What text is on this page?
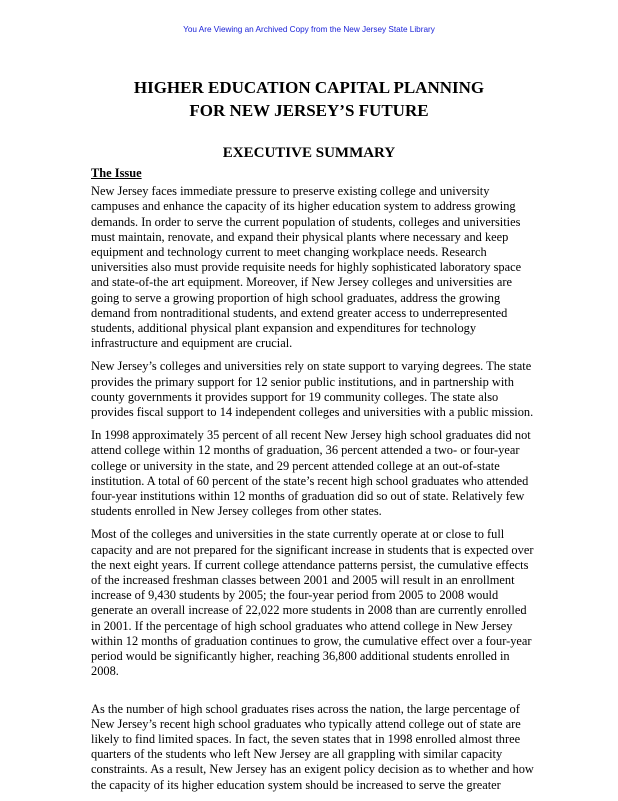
You Are Viewing an Archived Copy from the New Jersey State Library
HIGHER EDUCATION CAPITAL PLANNING
FOR NEW JERSEY’S FUTURE
EXECUTIVE SUMMARY
The Issue
New Jersey faces immediate pressure to preserve existing college and university
campuses and enhance the capacity of its higher education system to address growing
demands. In order to serve the current population of students, colleges and universities
must maintain, renovate, and expand their physical plants where necessary and keep
equipment and technology current to meet changing workplace needs. Research
universities also must provide requisite needs for highly sophisticated laboratory space
and state-of-the art equipment. Moreover, if New Jersey colleges and universities are
going to serve a growing proportion of high school graduates, address the growing
demand from nontraditional students, and extend greater access to underrepresented
students, additional physical plant expansion and expenditures for technology
infrastructure and equipment are crucial.
New Jersey’s colleges and universities rely on state support to varying degrees. The state
provides the primary support for 12 senior public institutions, and in partnership with
county governments it provides support for 19 community colleges. The state also
provides fiscal support to 14 independent colleges and universities with a public mission.
In 1998 approximately 35 percent of all recent New Jersey high school graduates did not
attend college within 12 months of graduation, 36 percent attended a two- or four-year
college or university in the state, and 29 percent attended college at an out-of-state
institution. A total of 60 percent of the state’s recent high school graduates who attended
four-year institutions within 12 months of graduation did so out of state. Relatively few
students enrolled in New Jersey colleges from other states.
Most of the colleges and universities in the state currently operate at or close to full
capacity and are not prepared for the significant increase in students that is expected over
the next eight years. If current college attendance patterns persist, the cumulative effects
of the increased freshman classes between 2001 and 2005 will result in an enrollment
increase of 9,430 students by 2005; the four-year period from 2005 to 2008 would
generate an overall increase of 22,022 more students in 2008 than are currently enrolled
in 2001. If the percentage of high school graduates who attend college in New Jersey
within 12 months of graduation continues to grow, the cumulative effect over a four-year
period would be significantly higher, reaching 36,800 additional students enrolled in
2008.
As the number of high school graduates rises across the nation, the large percentage of
New Jersey’s recent high school graduates who typically attend college out of state are
likely to find limited spaces. In fact, the seven states that in 1998 enrolled almost three
quarters of the students who left New Jersey are all grappling with similar capacity
constraints. As a result, New Jersey has an exigent policy decision as to whether and how
the capacity of its higher education system should be increased to serve the greater
